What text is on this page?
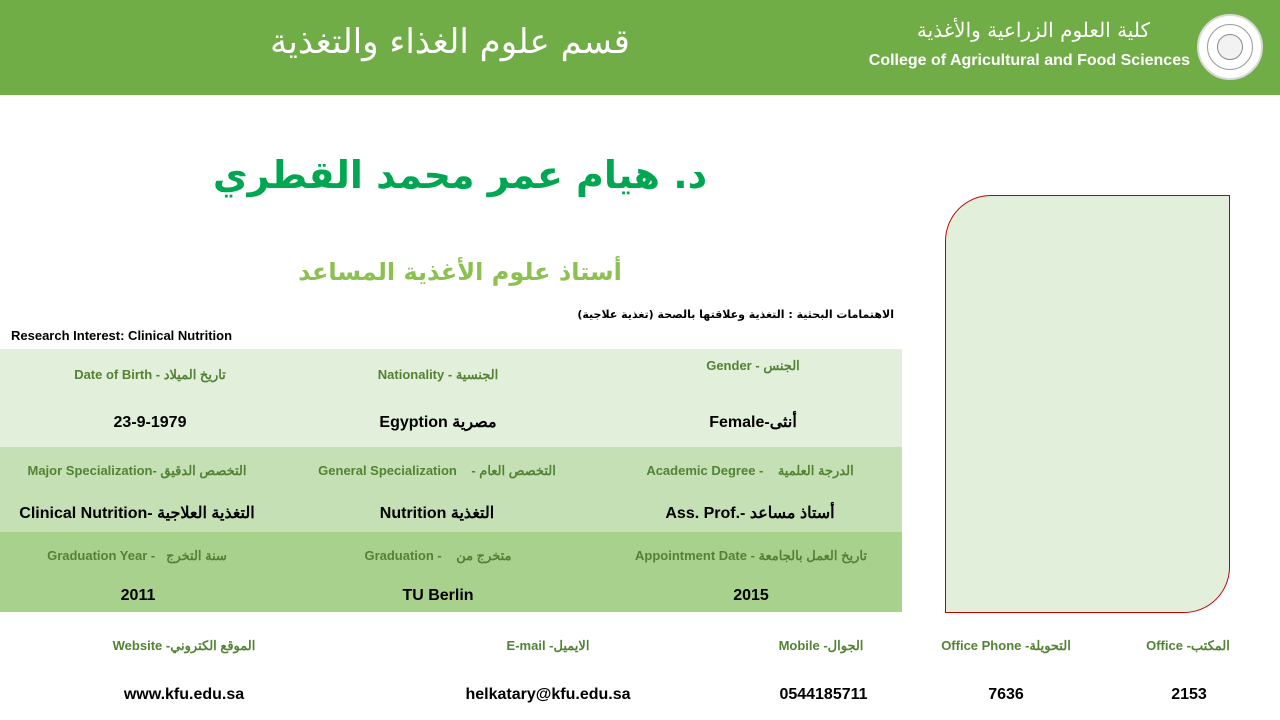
قسم علوم الغذاء والتغذية	كلية العلوم الزراعية والأغذية
College of Agricultural and Food Sciences
د. هيام عمر محمد القطري
أستاذ علوم الأغذية المساعد
الاهتمامات البحثية : التغذية وعلاقتها بالصحة (تغذية علاجية)
Research Interest: Clinical Nutrition
Date of Birth - تاريخ الميلاد
23-9-1979
Nationality - الجنسية
Egyption مصرية
Gender - الجنس
Female-أنثى
Major Specialization- التخصص الدقيق
Clinical Nutrition- التغذية العلاجية
General Specialization التخصص العام -
Nutrition التغذية
Academic Degree - الدرجة العلمية
Ass. Prof.- أستاذ مساعد
Graduation Year - سنة التخرج
2011
Graduation - متخرج من
TU Berlin
Appointment Date - تاريخ العمل بالجامعة
2015
Website -الموقع الكتروني
www.kfu.edu.sa
E-mail -الايميل
helkatary@kfu.edu.sa
Mobile -الجوال
0544185711
Office Phone -التحويلة
7636
Office -المكتب
2153
